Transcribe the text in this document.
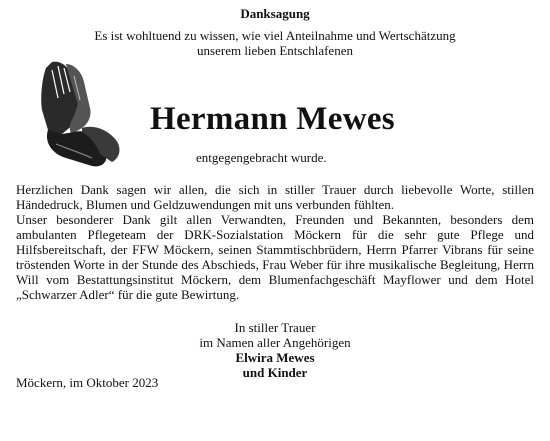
Danksagung
Es ist wohltuend zu wissen, wie viel Anteilnahme und Wertschätzung
unserem lieben Entschlafenen
Hermann Mewes
entgegengebracht wurde.

Herzlichen Dank sagen wir allen, die sich in stiller Trauer durch liebevolle Worte, stillen Händedruck, Blumen und Geldzuwendungen mit uns verbunden fühlten.

Unser besonderer Dank gilt allen Verwandten, Freunden und Bekannten, besonders dem ambulanten Pflegeteam der DRK-Sozialstation Möckern für die sehr gute Pflege und Hilfsbereitschaft, der FFW Möckern, seinen Stammtischbrüdern, Herrn Pfarrer Vibrans für seine tröstenden Worte in der Stunde des Abschieds, Frau Weber für ihre musikalische Begleitung, Herrn Will vom Bestattungsinstitut Möckern, dem Blumenfachgeschäft Mayflower und dem Hotel „Schwarzer Adler“ für die gute Bewirtung.

In stiller Trauer
im Namen aller Angehörigen
Elwira Mewes
und Kinder
Möckern, im Oktober 2023
